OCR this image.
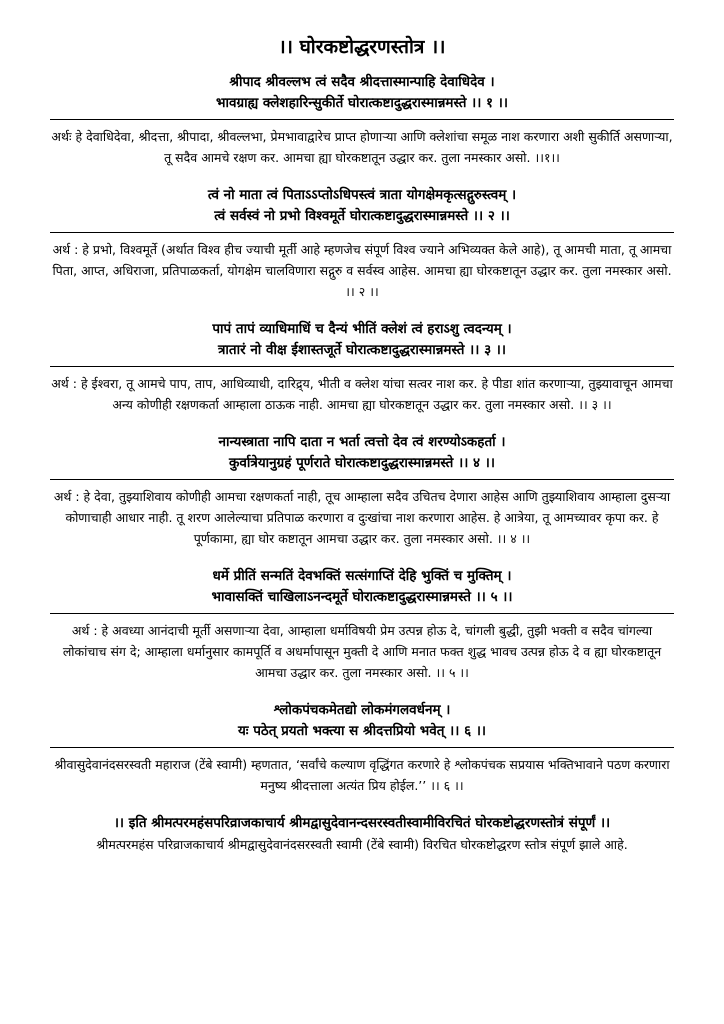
।। घोरकष्टोद्धरणस्तोत्र ।।
श्रीपाद श्रीवल्लभ त्वं सदैव श्रीदत्तास्मान्पाहि देवाधिदेव ।
भावग्राह्य क्लेशहारिन्सुकीर्ते घोरात्कष्टादुद्धरास्मान्नमस्ते ।। १ ।।
अर्थः हे देवाधिदेवा, श्रीदत्ता, श्रीपादा, श्रीवल्लभा, प्रेमभावाद्वारेच प्राप्त होणाऱ्या आणि क्लेशांचा समूळ नाश करणारा अशी सुकीर्ति असणाऱ्या, तू सदैव आमचे रक्षण कर. आमचा ह्या घोरकष्टातून उद्धार कर. तुला नमस्कार असो. ।।१।।
त्वं नो माता त्वं पिताऽऽप्तोऽधिपस्त्वं त्राता योगक्षेमकृत्सद्गुरुस्त्वम् ।
त्वं सर्वस्वं नो प्रभो विश्वमूर्ते घोरात्कष्टादुद्धरास्मान्नमस्ते ।। २ ।।
अर्थ : हे प्रभो, विश्वमूर्ते (अर्थात विश्व हीच ज्याची मूर्ती आहे म्हणजेच संपूर्ण विश्व ज्याने अभिव्यक्त केले आहे), तू आमची माता, तू आमचा पिता, आप्त, अधिराजा, प्रतिपाळकर्ता, योगक्षेम चालविणारा सद्गुरु व सर्वस्व आहेस. आमचा ह्या घोरकष्टातून उद्धार कर. तुला नमस्कार असो. ।। २ ।।
पापं तापं व्याधिमाधिं च दैन्यं भीतिं क्लेशं त्वं हराऽशु त्वदन्यम् ।
त्रातारं नो वीक्ष ईशास्तजूर्ते घोरात्कष्टादुद्धरास्मान्नमस्ते ।। ३ ।।
अर्थ : हे ईश्वरा, तू आमचे पाप, ताप, आधिव्याधी, दारिद्र्य, भीती व क्लेश यांचा सत्वर नाश कर. हे पीडा शांत करणाऱ्या, तुझ्यावाचून आमचा अन्य कोणीही रक्षणकर्ता आम्हाला ठाऊक नाही. आमचा ह्या घोरकष्टातून उद्धार कर. तुला नमस्कार असो. ।। ३ ।।
नान्यस्त्राता नापि दाता न भर्ता त्वत्तो देव त्वं शरण्योऽकहर्ता ।
कुर्वात्रेयानुग्रहं पूर्णराते घोरात्कष्टादुद्धरास्मान्नमस्ते ।। ४ ।।
अर्थ : हे देवा, तुझ्याशिवाय कोणीही आमचा रक्षणकर्ता नाही, तूच आम्हाला सदैव उचितच देणारा आहेस आणि तुझ्याशिवाय आम्हाला दुसऱ्या कोणाचाही आधार नाही. तू शरण आलेल्याचा प्रतिपाळ करणारा व दुःखांचा नाश करणारा आहेस. हे आत्रेया, तू आमच्यावर कृपा कर. हे पूर्णकामा, ह्या घोर कष्टातून आमचा उद्धार कर. तुला नमस्कार असो. ।। ४ ।।
धर्मे प्रीतिं सन्मतिं देवभक्तिं सत्संगाप्तिं देहि भुक्तिं च मुक्तिम् ।
भावासक्तिं चाखिलाऽनन्दमूर्ते घोरात्कष्टादुद्धरास्मान्नमस्ते ।। ५ ।।
अर्थ : हे अवध्या आनंदाची मूर्ती असणाऱ्या देवा, आम्हाला धर्माविषयी प्रेम उत्पन्न होऊ दे, चांगली बुद्धी, तुझी भक्ती व सदैव चांगल्या लोकांचाच संग दे; आम्हाला धर्मानुसार कामपूर्ति व अधर्मापासून मुक्ती दे आणि मनात फक्त शुद्ध भावच उत्पन्न होऊ दे व ह्या घोरकष्टातून आमचा उद्धार कर. तुला नमस्कार असो. ।। ५ ।।
श्लोकपंचकमेतद्यो लोकमंगलवर्धनम् ।
यः पठेत् प्रयतो भक्त्या स श्रीदत्तप्रियो भवेत् ।। ६ ।।
श्रीवासुदेवानंदसरस्वती महाराज (टेंबे स्वामी) म्हणतात, ‘सर्वांचे कल्याण वृद्धिंगत करणारे हे श्लोकपंचक सप्रयास भक्तिभावाने पठण करणारा मनुष्य श्रीदत्ताला अत्यंत प्रिय होईल.’’ ।। ६ ।।
।। इति श्रीमत्परमहंसपरिव्राजकाचार्य श्रीमद्वासुदेवानन्दसरस्वतीस्वामीविरचितं घोरकष्टोद्धरणस्तोत्रं संपूर्णं ।।
श्रीमत्परमहंस परिव्राजकाचार्य श्रीमद्वासुदेवानंदसरस्वती स्वामी (टेंबे स्वामी) विरचित घोरकष्टोद्धरण स्तोत्र संपूर्ण झाले आहे.
